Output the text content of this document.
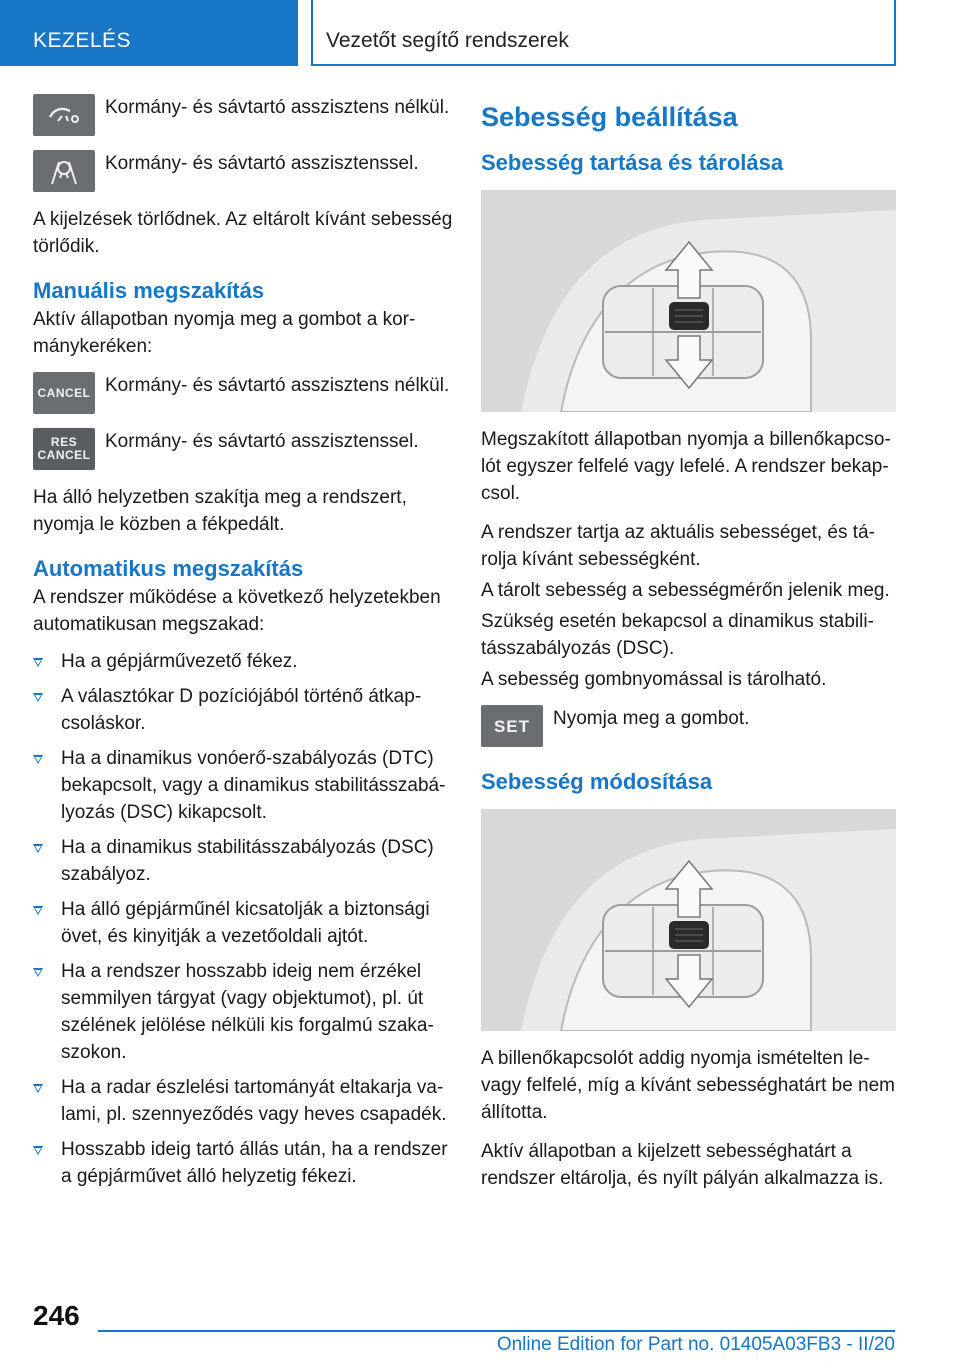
KEZELÉS	Vezetőt segítő rendszerek
Kormány- és sávtartó asszisztens nélkül.
Kormány- és sávtartó asszisztenssel.

A kijelzések törlődnek. Az eltárolt kívánt sebesség törlődik.

Manuális megszakítás

Aktív állapotban nyomja meg a gombot a kormánykeréken:

CANCEL Kormány- és sávtartó asszisztens nélkül.
RES
CANCEL
Kormány- és sávtartó asszisztenssel.

Ha álló helyzetben szakítja meg a rendszert, nyomja le közben a fékpedált.

Automatikus megszakítás

A rendszer működése a következő helyzetekben automatikusan megszakad:

Ha a gépjárművezető fékez.
A választókar D pozíciójából történő átkapcsoláskor.
Ha a dinamikus vonóerő-szabályozás (DTC) bekapcsolt, vagy a dinamikus stabilitásszabályozás (DSC) kikapcsolt.
Ha a dinamikus stabilitásszabályozás (DSC) szabályoz.
Ha álló gépjárműnél kicsatolják a biztonsági övet, és kinyitják a vezetőoldali ajtót.
Ha a rendszer hosszabb ideig nem érzékel semmilyen tárgyat (vagy objektumot), pl. út szélének jelölése nélküli kis forgalmú szakaszokon.
Ha a radar észlelési tartományát eltakarja valami, pl. szennyeződés vagy heves csapadék.
Hosszabb ideig tartó állás után, ha a rendszer a gépjárművet álló helyzetig fékezi.
Sebesség beállítása
Sebesség tartása és tárolása

Megszakított állapotban nyomja a billenőkapcsolót egyszer felfelé vagy lefelé. A rendszer bekapcsol.

A rendszer tartja az aktuális sebességet, és tárolja kívánt sebességként.

A tárolt sebesség a sebességmérőn jelenik meg.

Szükség esetén bekapcsol a dinamikus stabilitásszabályozás (DSC).

A sebesség gombnyomással is tárolható.

SET Nyomja meg a gombot.
Sebesség módosítása

A billenőkapcsolót addig nyomja ismételten levagy felfelé, míg a kívánt sebességhatárt be nem állította.

Aktív állapotban a kijelzett sebességhatárt a rendszer eltárolja, és nyílt pályán alkalmazza is.

246
Online Edition for Part no. 01405A03FB3 - II/20
